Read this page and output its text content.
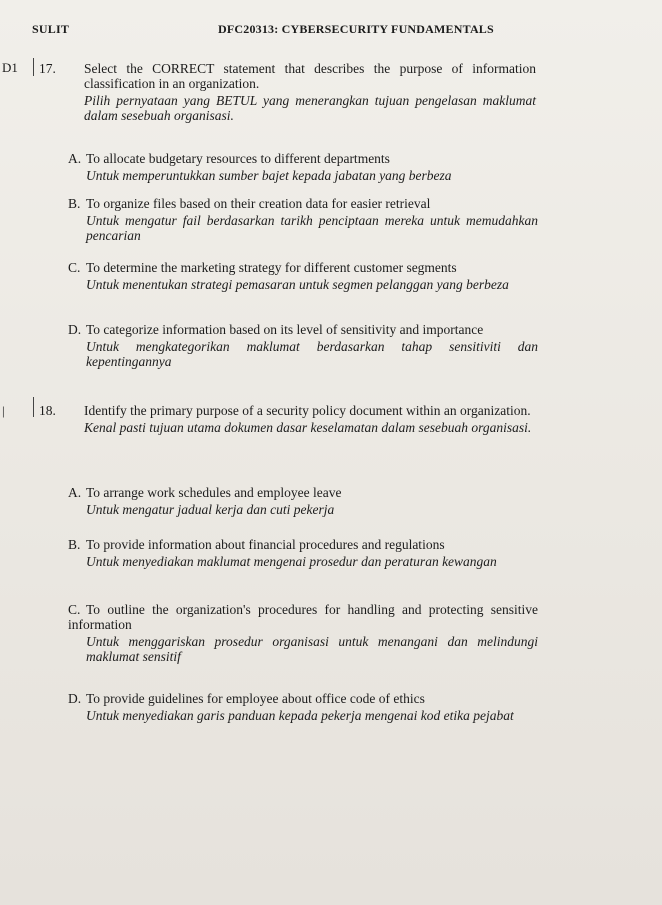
SULIT	DFC20313: CYBERSECURITY FUNDAMENTALS
D1 17. Select the CORRECT statement that describes the purpose of information classification in an organization.
Pilih pernyataan yang BETUL yang menerangkan tujuan pengelasan maklumat dalam sesebuah organisasi.
A. To allocate budgetary resources to different departments
Untuk memperuntukkan sumber bajet kepada jabatan yang berbeza
B. To organize files based on their creation data for easier retrieval
Untuk mengatur fail berdasarkan tarikh penciptaan mereka untuk memudahkan pencarian
C. To determine the marketing strategy for different customer segments
Untuk menentukan strategi pemasaran untuk segmen pelanggan yang berbeza
D. To categorize information based on its level of sensitivity and importance
Untuk mengkategorikan maklumat berdasarkan tahap sensitiviti dan kepentingannya
|	18. Identify the primary purpose of a security policy document within an organization.
Kenal pasti tujuan utama dokumen dasar keselamatan dalam sesebuah organisasi.
A. To arrange work schedules and employee leave
Untuk mengatur jadual kerja dan cuti pekerja
B. To provide information about financial procedures and regulations
Untuk menyediakan maklumat mengenai prosedur dan peraturan kewangan
C. To outline the organization's procedures for handling and protecting sensitive information
Untuk menggariskan prosedur organisasi untuk menangani dan melindungi maklumat sensitif
D. To provide guidelines for employee about office code of ethics
Untuk menyediakan garis panduan kepada pekerja mengenai kod etika pejabat
